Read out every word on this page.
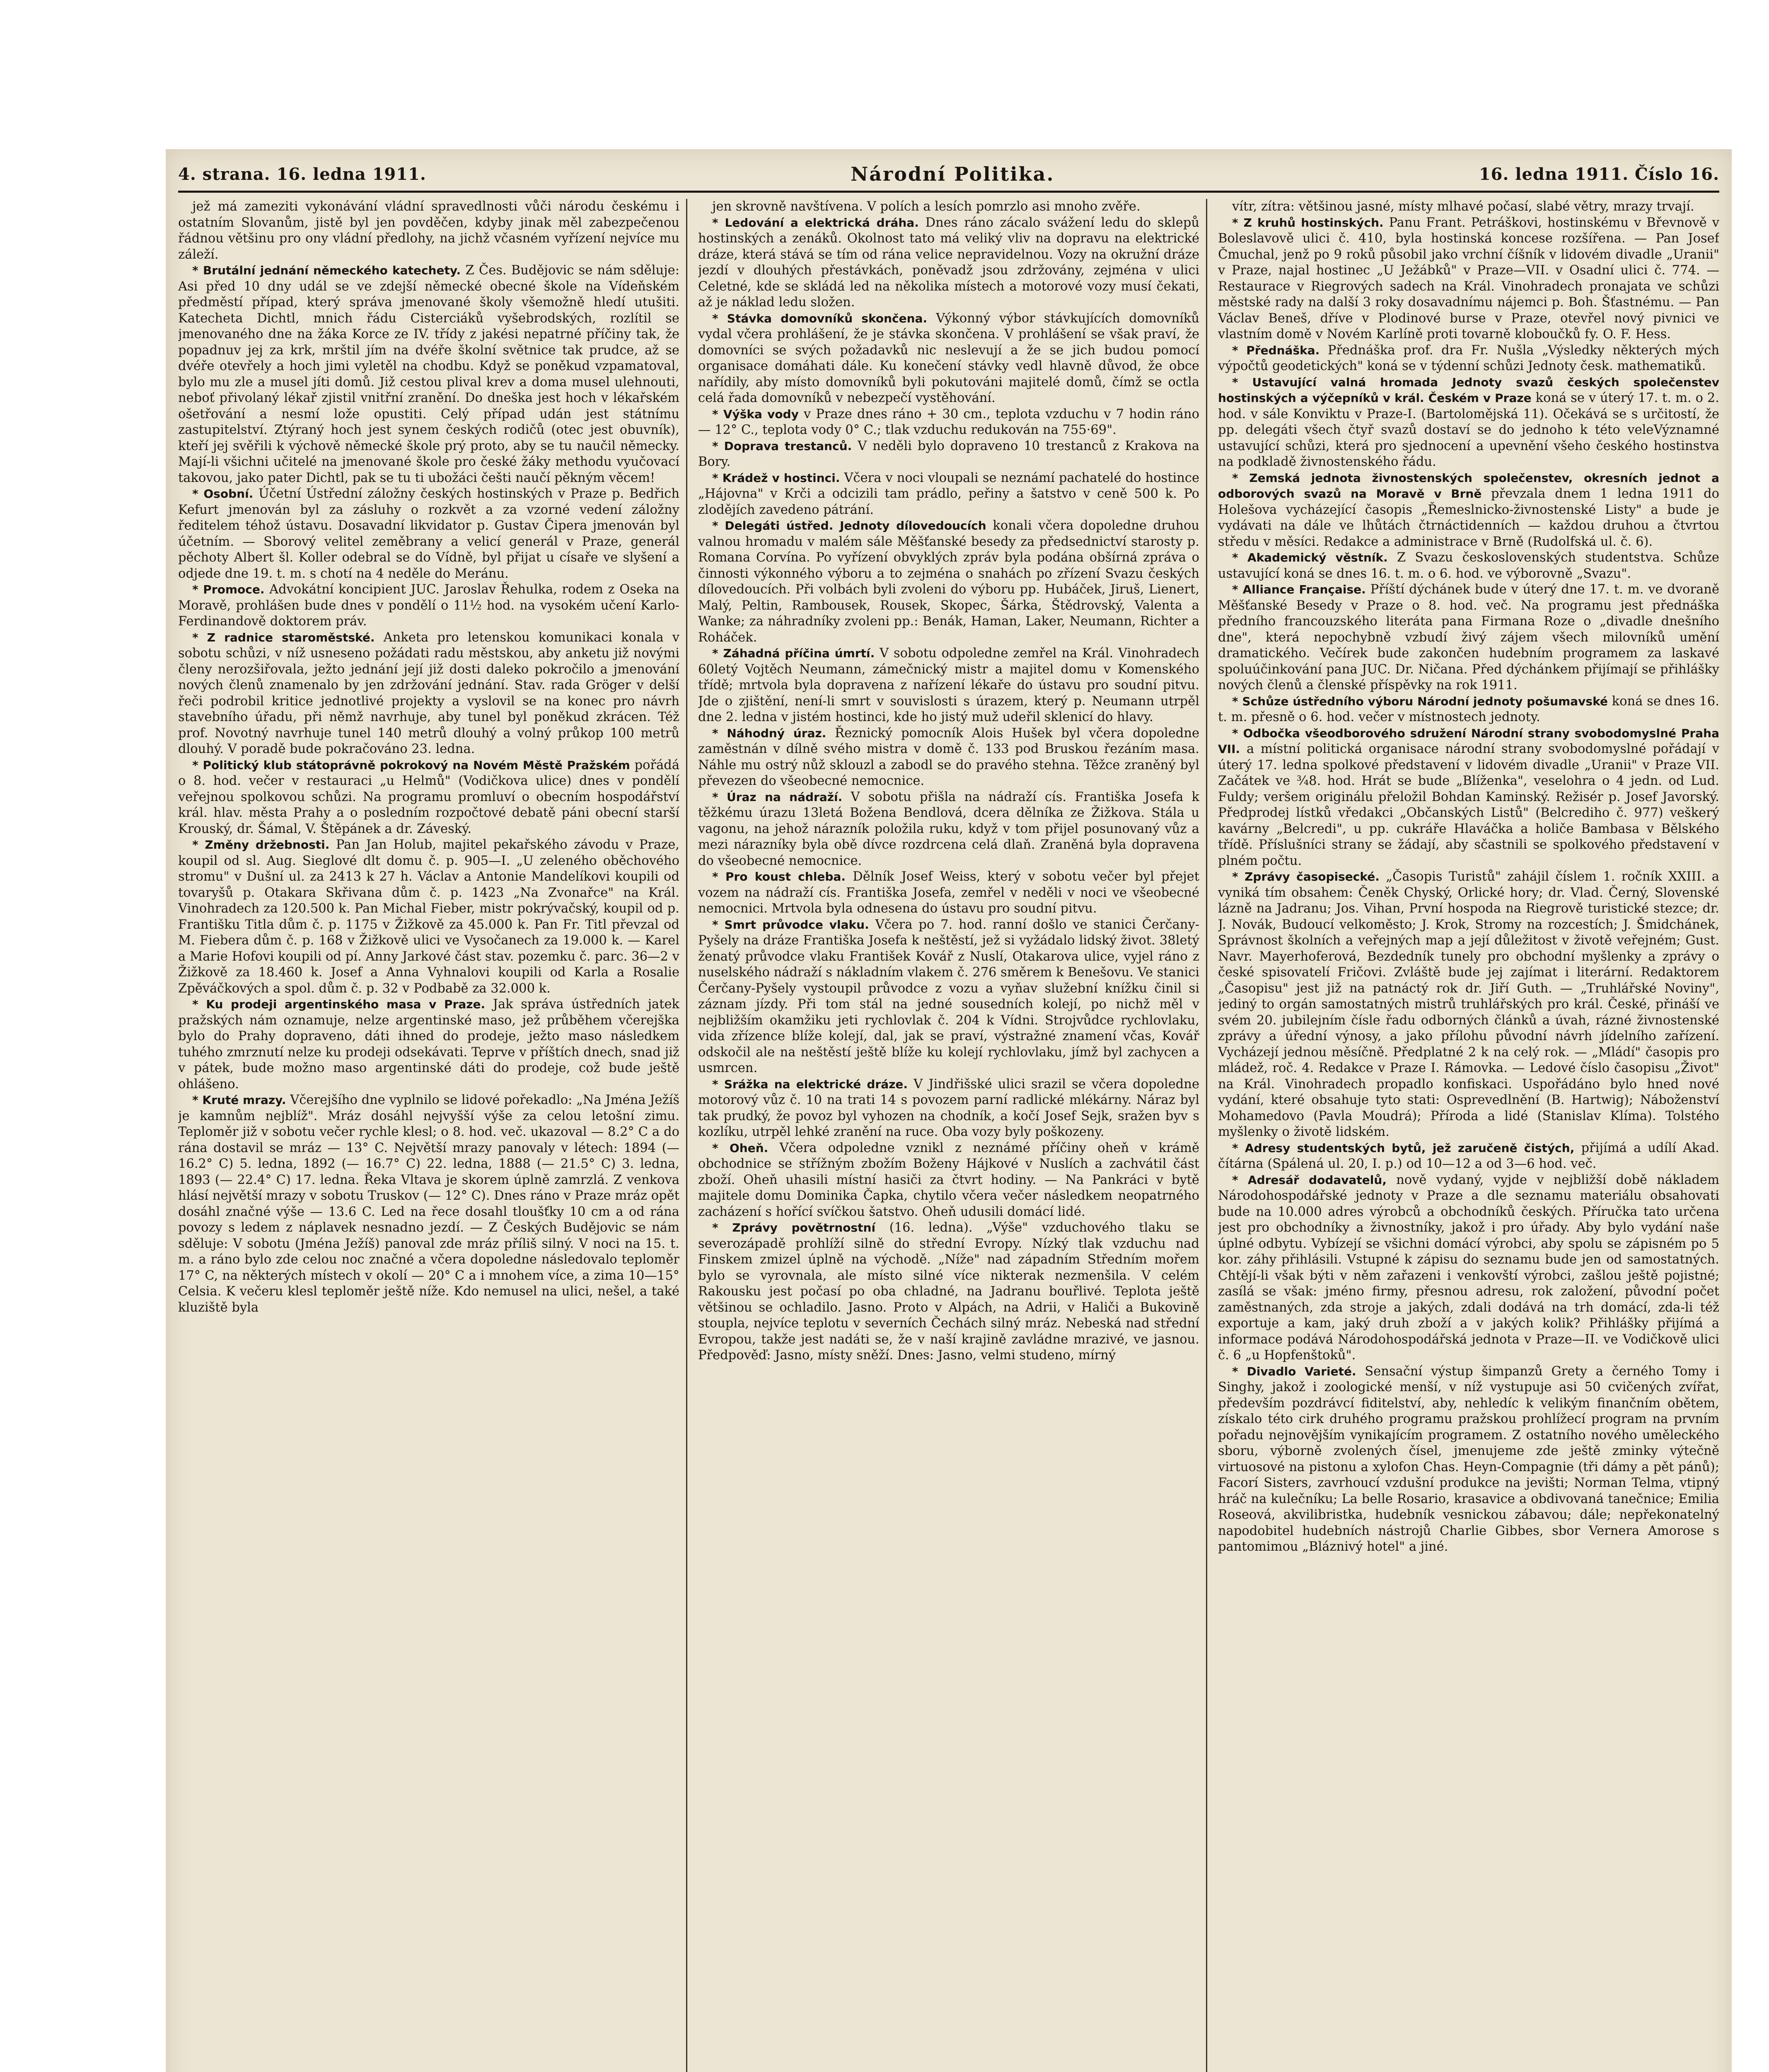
4. strana. 16. ledna 1911.	Národní Politika.	16. ledna 1911. Číslo 16.

jež má zameziti vykonávání vládní spravedlnosti vůči národu českému i ostatním Slovanům, jistě byl jen povděčen, kdyby jinak měl zabezpečenou řádnou většinu pro ony vládní předlohy, na jichž včasném vyřízení nejvíce mu záleží.

* Brutální jednání německého katechety. Z Čes. Budějovic se nám sděluje: Asi před 10 dny udál se ve zdejší německé obecné škole na Vídeňském předměstí případ, který správa jmenované školy všemožně hledí utušiti. Katecheta Dichtl, mnich řádu Cisterciáků vyšebrodských, rozlítil se jmenovaného dne na žáka Korce ze IV. třídy z jakési nepatrné příčiny tak, že popadnuv jej za krk, mrštil jím na dvéře školní světnice tak prudce, až se dvéře otevřely a hoch jimi vyletěl na chodbu. Když se poněkud vzpamatoval, bylo mu zle a musel jíti domů. Již cestou plival krev a doma musel ulehnouti, neboť přivolaný lékař zjistil vnitřní zranění. Do dneška jest hoch v lékařském ošetřování a nesmí lože opustiti. Celý případ udán jest státnímu zastupitelství. Ztýraný hoch jest synem českých rodičů (otec jest obuvník), kteří jej svěřili k výchově německé škole prý proto, aby se tu naučil německy. Mají-li všichni učitelé na jmenované škole pro české žáky methodu vyučovací takovou, jako pater Dichtl, pak se tu ti ubožáci češti naučí pěkným věcem!

* Osobní. Účetní Ústřední záložny českých hostinských v Praze p. Bedřich Kefurt jmenován byl za zásluhy o rozkvět a za vzorné vedení záložny ředitelem téhož ústavu. Dosavadní likvidator p. Gustav Čipera jmenován byl účetním. — Sborový velitel zeměbrany a velicí generál v Praze, generál pěchoty Albert šl. Koller odebral se do Vídně, byl přijat u císaře ve slyšení a odjede dne 19. t. m. s chotí na 4 neděle do Meránu.

* Promoce. Advokátní koncipient JUC. Jaroslav Řehulka, rodem z Oseka na Moravě, prohlášen bude dnes v pondělí o 11½ hod. na vysokém učení Karlo-Ferdinandově doktorem práv.

* Z radnice staroměstské. Anketa pro letenskou komunikaci konala v sobotu schůzi, v níž usneseno požádati radu městskou, aby anketu již novými členy nerozšiřovala, ježto jednání její již dosti daleko pokročilo a jmenování nových členů znamenalo by jen zdržování jednání. Stav. rada Gröger v delší řeči podrobil kritice jednotlivé projekty a vyslovil se na konec pro návrh stavebního úřadu, při němž navrhuje, aby tunel byl poněkud zkrácen. Též prof. Novotný navrhuje tunel 140 metrů dlouhý a volný průkop 100 metrů dlouhý. V poradě bude pokračováno 23. ledna.

* Politický klub státoprávně pokrokový na Novém Městě Pražském pořádá o 8. hod. večer v restauraci „u Helmů" (Vodičkova ulice) dnes v pondělí veřejnou spolkovou schůzi. Na programu promluví o obecním hospodářství král. hlav. města Prahy a o posledním rozpočtové debatě páni obecní starší Krouský, dr. Šámal, V. Štěpánek a dr. Záveský.

* Změny držebnosti. Pan Jan Holub, majitel pekařského závodu v Praze, koupil od sl. Aug. Sieglové dlt domu č. p. 905—I. „U zeleného oběchového stromu" v Dušní ul. za 2413 k 27 h. Václav a Antonie Mandelíkovi koupili od tovaryšů p. Otakara Skřivana dům č. p. 1423 „Na Zvonařce" na Král. Vinohradech za 120.500 k. Pan Michal Fieber, mistr pokrývačský, koupil od p. Františku Titla dům č. p. 1175 v Žižkově za 45.000 k. Pan Fr. Titl převzal od M. Fiebera dům č. p. 168 v Žižkově ulici ve Vysočanech za 19.000 k. — Karel a Marie Hofovi koupili od pí. Anny Jarkové část stav. pozemku č. parc. 36—2 v Žižkově za 18.460 k. Josef a Anna Vyhnalovi koupili od Karla a Rosalie Zpěváčkových a spol. dům č. p. 32 v Podbabě za 32.000 k.

* Ku prodeji argentinského masa v Praze. Jak správa ústředních jatek pražských nám oznamuje, nelze argentinské maso, jež průběhem včerejška bylo do Prahy dopraveno, dáti ihned do prodeje, ježto maso následkem tuhého zmrznutí nelze ku prodeji odsekávati. Teprve v příštích dnech, snad již v pátek, bude možno maso argentinské dáti do prodeje, což bude ještě ohlášeno.

* Kruté mrazy. Včerejšího dne vyplnilo se lidové pořekadlo: „Na Jména Ježíš je kamnům nejblíž". Mráz dosáhl nejvyšší výše za celou letošní zimu. Teploměr již v sobotu večer rychle klesl; o 8. hod. več. ukazoval — 8.2° C a do rána dostavil se mráz — 13° C. Největší mrazy panovaly v létech: 1894 (— 16.2° C) 5. ledna, 1892 (— 16.7° C) 22. ledna, 1888 (— 21.5° C) 3. ledna, 1893 (— 22.4° C) 17. ledna. Řeka Vltava je skorem úplně zamrzlá. Z venkova hlásí největší mrazy v sobotu Truskov (— 12° C). Dnes ráno v Praze mráz opět dosáhl značné výše — 13.6 C. Led na řece dosahl tloušťky 10 cm a od rána povozy s ledem z náplavek nesnadno jezdí. — Z Českých Budějovic se nám sděluje: V sobotu (Jména Ježíš) panoval zde mráz příliš silný. V noci na 15. t. m. a ráno bylo zde celou noc značné a včera dopoledne následovalo teploměr 17° C, na některých místech v okolí — 20° C a i mnohem více, a zima 10—15° Celsia. K večeru klesl teploměr ještě níže. Kdo nemusel na ulici, nešel, a také kluziště byla

jen skrovně navštívena. V polích a lesích pomrzlo asi mnoho zvěře.

* Ledování a elektrická dráha. Dnes ráno zácalo svážení ledu do sklepů hostinských a zenáků. Okolnost tato má veliký vliv na dopravu na elektrické dráze, která stává se tím od rána velice nepravidelnou. Vozy na okružní dráze jezdí v dlouhých přestávkách, poněvadž jsou zdržovány, zejména v ulici Celetné, kde se skládá led na několika místech a motorové vozy musí čekati, až je náklad ledu složen.

* Stávka domovníků skončena. Výkonný výbor stávkujících domovníků vydal včera prohlášení, že je stávka skončena. V prohlášení se však praví, že domovníci se svých požadavků nic neslevují a že se jich budou pomocí organisace domáhati dále. Ku konečení stávky vedl hlavně důvod, že obce nařídily, aby místo domovníků byli pokutováni majitelé domů, čímž se octla celá řada domovníků v nebezpečí vystěhování.

* Výška vody v Praze dnes ráno + 30 cm., teplota vzduchu v 7 hodin ráno — 12° C., teplota vody 0° C.; tlak vzduchu redukován na 755·69".

* Doprava trestanců. V neděli bylo dopraveno 10 trestanců z Krakova na Bory.

* Krádež v hostinci. Včera v noci vloupali se neznámí pachatelé do hostince „Hájovna" v Krči a odcizili tam prádlo, peřiny a šatstvo v ceně 500 k. Po zlodějích zavedeno pátrání.

* Delegáti ústřed. Jednoty dílovedoucích konali včera dopoledne druhou valnou hromadu v malém sále Měšťanské besedy za předsednictví starosty p. Romana Corvína. Po vyřízení obvyklých zpráv byla podána obšírná zpráva o činnosti výkonného výboru a to zejména o snahách po zřízení Svazu českých dílovedoucích. Při volbách byli zvoleni do výboru pp. Hubáček, Jiruš, Lienert, Malý, Peltin, Rambousek, Rousek, Skopec, Šárka, Štědrovský, Valenta a Wanke; za náhradníky zvoleni pp.: Benák, Haman, Laker, Neumann, Richter a Roháček.

* Záhadná příčina úmrtí. V sobotu odpoledne zemřel na Král. Vinohradech 60letý Vojtěch Neumann, zámečnický mistr a majitel domu v Komenského třídě; mrtvola byla dopravena z nařízení lékaře do ústavu pro soudní pitvu. Jde o zjištění, není-li smrt v souvislosti s úrazem, který p. Neumann utrpěl dne 2. ledna v jistém hostinci, kde ho jistý muž udeřil sklenicí do hlavy.

* Náhodný úraz. Řeznický pomocník Alois Hušek byl včera dopoledne zaměstnán v dílně svého mistra v domě č. 133 pod Bruskou řezáním masa. Náhle mu ostrý nůž sklouzl a zabodl se do pravého stehna. Těžce zraněný byl převezen do všeobecné nemocnice.

* Úraz na nádraží. V sobotu přišla na nádraží cís. Františka Josefa k těžkému úrazu 13letá Božena Bendlová, dcera dělníka ze Žižkova. Stála u vagonu, na jehož nárazník položila ruku, když v tom přijel posunovaný vůz a mezi nárazníky byla obě dívce rozdrcena celá dlaň. Zraněná byla dopravena do všeobecné nemocnice.

* Pro koust chleba. Dělník Josef Weiss, který v sobotu večer byl přejet vozem na nádraží cís. Františka Josefa, zemřel v neděli v noci ve všeobecné nemocnici. Mrtvola byla odnesena do ústavu pro soudní pitvu.

* Smrt průvodce vlaku. Včera po 7. hod. ranní došlo ve stanici Čerčany-Pyšely na dráze Františka Josefa k neštěstí, jež si vyžádalo lidský život. 38letý ženatý průvodce vlaku František Kovář z Nuslí, Otakarova ulice, vyjel ráno z nuselského nádraží s nákladním vlakem č. 276 směrem k Benešovu. Ve stanici Čerčany-Pyšely vystoupil průvodce z vozu a vyňav služební knížku činil si záznam jízdy. Při tom stál na jedné sousedních kolejí, po nichž měl v nejbližším okamžiku jeti rychlovlak č. 204 k Vídni. Strojvůdce rychlovlaku, vida zřízence blíže kolejí, dal, jak se praví, výstražné znamení včas, Kovář odskočil ale na neštěstí ještě blíže ku kolejí rychlovlaku, jímž byl zachycen a usmrcen.

* Srážka na elektrické dráze. V Jindřišské ulici srazil se včera dopoledne motorový vůz č. 10 na trati 14 s povozem parní radlické mlékárny. Náraz byl tak prudký, že povoz byl vyhozen na chodník, a kočí Josef Sejk, sražen byv s kozlíku, utrpěl lehké zranění na ruce. Oba vozy byly poškozeny.

* Oheň. Včera odpoledne vznikl z neznámé příčiny oheň v krámě obchodnice se střížným zbožím Boženy Hájkové v Nuslích a zachvátil část zboží. Oheň uhasili místní hasiči za čtvrt hodiny. — Na Pankráci v bytě majitele domu Dominika Čapka, chytilo včera večer následkem neopatrného zacházení s hořící svíčkou šatstvo. Oheň udusili domácí lidé.

* Zprávy povětrnostní (16. ledna). „Výše" vzduchového tlaku se severozápadě prohlíží silně do střední Evropy. Nízký tlak vzduchu nad Finskem zmizel úplně na východě. „Níže" nad západním Středním mořem bylo se vyrovnala, ale místo silné více nikterak nezmenšila. V celém Rakousku jest počasí po oba chladné, na Jadranu bouřlivé. Teplota ještě většinou se ochladilo. Jasno. Proto v Alpách, na Adrii, v Haliči a Bukovině stoupla, nejvíce teplotu v severních Čechách silný mráz. Nebeská nad střední Evropou, takže jest nadáti se, že v naší krajině zavládne mrazivé, ve jasnou. Předpověď: Jasno, místy sněží. Dnes: Jasno, velmi studeno, mírný

vítr, zítra: většinou jasné, místy mlhavé počasí, slabé větry, mrazy trvají.

* Z kruhů hostinských. Panu Frant. Petráškovi, hostinskému v Břevnově v Boleslavově ulici č. 410, byla hostinská koncese rozšířena. — Pan Josef Čmuchal, jenž po 9 roků působil jako vrchní číšník v lidovém divadle „Uranii" v Praze, najal hostinec „U Ježábků" v Praze—VII. v Osadní ulici č. 774. — Restaurace v Riegrových sadech na Král. Vinohradech pronajata ve schůzi městské rady na další 3 roky dosavadnímu nájemci p. Boh. Šťastnému. — Pan Václav Beneš, dříve v Plodinové burse v Praze, otevřel nový pivnici ve vlastním domě v Novém Karlíně proti tovarně kloboučků fy. O. F. Hess.

* Přednáška. Přednáška prof. dra Fr. Nušla „Výsledky některých mých výpočtů geodetických" koná se v týdenní schůzi Jednoty česk. mathematiků.

* Ustavující valná hromada Jednoty svazů českých společenstev hostinských a výčepníků v král. Českém v Praze koná se v úterý 17. t. m. o 2. hod. v sále Konviktu v Praze-I. (Bartolomějská 11). Očekává se s určitostí, že pp. delegáti všech čtyř svazů dostaví se do jednoho k této veleVýznamné ustavující schůzi, která pro sjednocení a upevnění všeho českého hostinstva na podkladě živnostenského řádu.

* Zemská jednota živnostenských společenstev, okresních jednot a odborových svazů na Moravě v Brně převzala dnem 1 ledna 1911 do Holešova vycházející časopis „Řemeslnicko-živnostenské Listy" a bude je vydávati na dále ve lhůtách čtrnáctidenních — každou druhou a čtvrtou středu v měsíci. Redakce a administrace v Brně (Rudolfská ul. č. 6).

* Akademický věstník. Z Svazu československých studentstva. Schůze ustavující koná se dnes 16. t. m. o 6. hod. ve výborovně „Svazu".

* Alliance Française. Příští dýchánek bude v úterý dne 17. t. m. ve dvoraně Měšťanské Besedy v Praze o 8. hod. več. Na programu jest přednáška předního francouzského literáta pana Firmana Roze o „divadle dnešního dne", která nepochybně vzbudí živý zájem všech milovníků umění dramatického. Večírek bude zakončen hudebním programem za laskavé spoluúčinkování pana JUC. Dr. Ničana. Před dýchánkem přijímají se přihlášky nových členů a členské příspěvky na rok 1911.

* Schůze ústředního výboru Národní jednoty pošumavské koná se dnes 16. t. m. přesně o 6. hod. večer v místnostech jednoty.

* Odbočka všeodborového sdružení Národní strany svobodomyslné Praha VII. a místní politická organisace národní strany svobodomyslné pořádají v úterý 17. ledna spolkové představení v lidovém divadle „Uranii" v Praze VII. Začátek ve ¾8. hod. Hrát se bude „Blíženka", veselohra o 4 jedn. od Lud. Fuldy; veršem originálu přeložil Bohdan Kaminský. Režisér p. Josef Javorský. Předprodej lístků vředakci „Občanských Listů" (Belcrediho č. 977) veškerý kavárny „Belcredi", u pp. cukráře Hlaváčka a holiče Bambasa v Bělského třídě. Příslušníci strany se žádají, aby sčastnili se spolkového představení v plném počtu.

* Zprávy časopisecké. „Časopis Turistů" zahájil číslem 1. ročník XXIII. a vyniká tím obsahem: Čeněk Chyský, Orlické hory; dr. Vlad. Černý, Slovenské lázně na Jadranu; Jos. Vihan, První hospoda na Riegrově turistické stezce; dr. J. Novák, Budoucí velkoměsto; J. Krok, Stromy na rozcestích; J. Šmidchánek, Správnost školních a veřejných map a její důležitost v životě veřejném; Gust. Navr. Mayerhoferová, Bezdedník tunely pro obchodní myšlenky a zprávy o české spisovatelí Fričovi. Zvláště bude jej zajímat i literární. Redaktorem „Časopisu" jest již na patnáctý rok dr. Jiří Guth. — „Truhlářské Noviny", jediný to orgán samostatných mistrů truhlářských pro král. České, přináší ve svém 20. jubilejním čísle řadu odborných článků a úvah, rázné živnostenské zprávy a úřední výnosy, a jako přílohu původní návrh jídelního zařízení. Vycházejí jednou měsíčně. Předplatné 2 k na celý rok. — „Mládí" časopis pro mládež, roč. 4. Redakce v Praze I. Rámovka. — Ledové číslo časopisu „Život" na Král. Vinohradech propadlo konfiskaci. Uspořádáno bylo hned nové vydání, které obsahuje tyto stati: Osprevedlnění (B. Hartwig); Náboženství Mohamedovo (Pavla Moudrá); Příroda a lidé (Stanislav Klíma). Tolstého myšlenky o životě lidském.

* Adresy studentských bytů, jež zaručeně čistých, přijímá a udílí Akad. čítárna (Spálená ul. 20, I. p.) od 10—12 a od 3—6 hod. več.

* Adresář dodavatelů, nově vydaný, vyjde v nejbližší době nákladem Národohospodářské jednoty v Praze a dle seznamu materiálu obsahovati bude na 10.000 adres výrobců a obchodníků českých. Příručka tato určena jest pro obchodníky a živnostníky, jakož i pro úřady. Aby bylo vydání naše úplné odbytu. Vybízejí se všichni domácí výrobci, aby spolu se zápisném po 5 kor. záhy přihlásili. Vstupné k zápisu do seznamu bude jen od samostatných. Chtějí-li však býti v něm zařazeni i venkovští výrobci, zašlou ještě pojistné; zasílá se však: jméno firmy, přesnou adresu, rok založení, původní počet zaměstnaných, zda stroje a jakých, zdali dodává na trh domácí, zda-li též exportuje a kam, jaký druh zboží a v jakých kolik? Přihlášky přijímá a informace podává Národohospodářská jednota v Praze—II. ve Vodičkově ulici č. 6 „u Hopfenštoků".

* Divadlo Varieté. Sensační výstup šimpanzů Grety a černého Tomy i Singhy, jakož i zoologické menší, v níž vystupuje asi 50 cvičených zvířat, především pozdrávcí fiditelství, aby, nehledíc k velikým finančním obětem, získalo této cirk druhého programu pražskou prohlížecí program na prvním pořadu nejnovějším vynikajícím programem. Z ostatního nového uměleckého sboru, výborně zvolených čísel, jmenujeme zde ještě zminky výtečně virtuosové na pistonu a xylofon Chas. Heyn-Compagnie (tři dámy a pět pánů); Facorí Sisters, zavrhoucí vzdušní produkce na jevišti; Norman Telma, vtipný hráč na kulečníku; La belle Rosario, krasavice a obdivovaná tanečnice; Emilia Roseová, akvilibristka, hudebník vesnickou zábavou; dále; nepřekonatelný napodobitel hudebních nástrojů Charlie Gibbes, sbor Vernera Amorose s pantomimou „Bláznivý hotel" a jiné.
